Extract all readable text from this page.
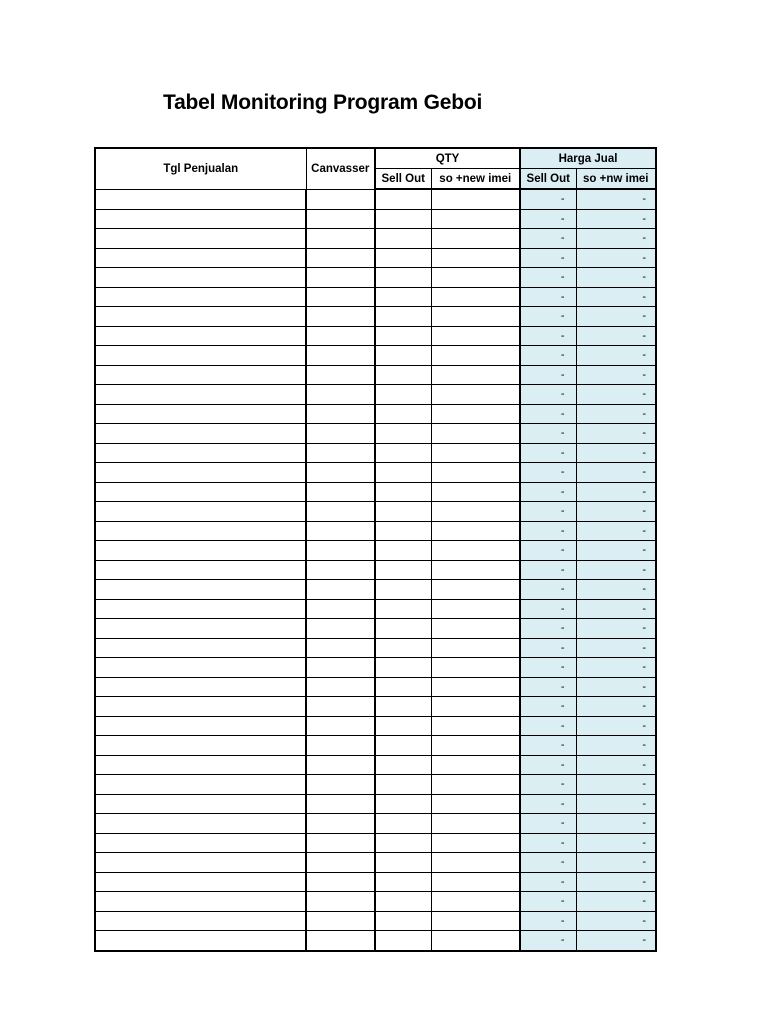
Tabel Monitoring Program Geboi
Tgl Penjualan	Canvasser	QTY		Harga Jual	
		Sell Out	so +new imei	Sell Out	so +nw imei
				-	-
				-	-
				-	-
				-	-
				-	-
				-	-
				-	-
				-	-
				-	-
				-	-
				-	-
				-	-
				-	-
				-	-
				-	-
				-	-
				-	-
				-	-
				-	-
				-	-
				-	-
				-	-
				-	-
				-	-
				-	-
				-	-
				-	-
				-	-
				-	-
				-	-
				-	-
				-	-
				-	-
				-	-
				-	-
				-	-
				-	-
				-	-
				-	-
